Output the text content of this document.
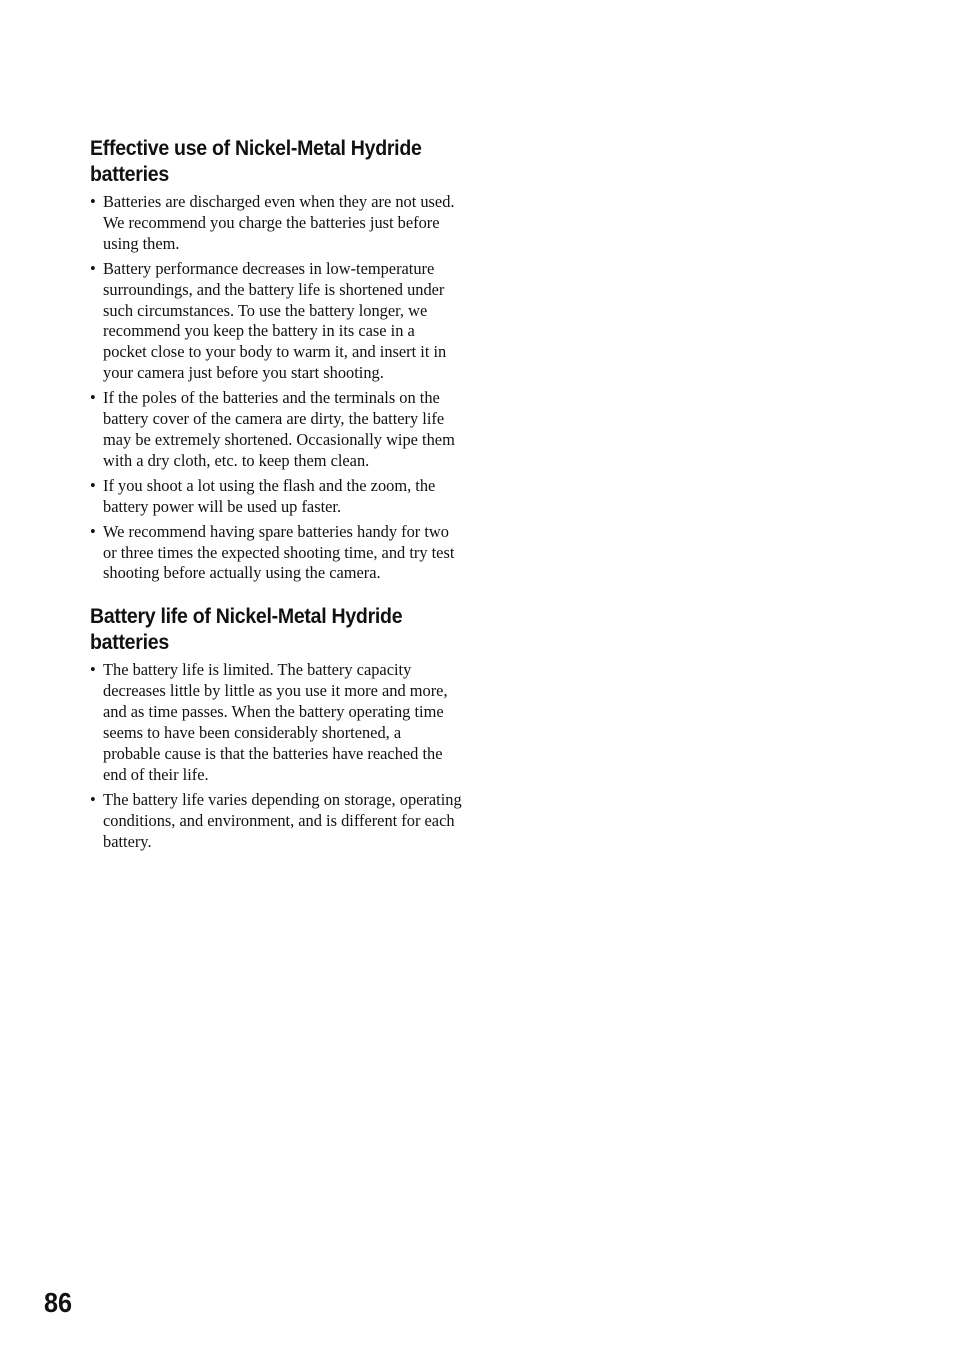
Effective use of Nickel-Metal Hydride batteries
• Batteries are discharged even when they are not used. We recommend you charge the batteries just before using them.
• Battery performance decreases in low-temperature surroundings, and the battery life is shortened under such circumstances. To use the battery longer, we recommend you keep the battery in its case in a pocket close to your body to warm it, and insert it in your camera just before you start shooting.
• If the poles of the batteries and the terminals on the battery cover of the camera are dirty, the battery life may be extremely shortened. Occasionally wipe them with a dry cloth, etc. to keep them clean.
• If you shoot a lot using the flash and the zoom, the battery power will be used up faster.
• We recommend having spare batteries handy for two or three times the expected shooting time, and try test shooting before actually using the camera.
Battery life of Nickel-Metal Hydride batteries
• The battery life is limited. The battery capacity decreases little by little as you use it more and more, and as time passes. When the battery operating time seems to have been considerably shortened, a probable cause is that the batteries have reached the end of their life.
• The battery life varies depending on storage, operating conditions, and environment, and is different for each battery.
86
